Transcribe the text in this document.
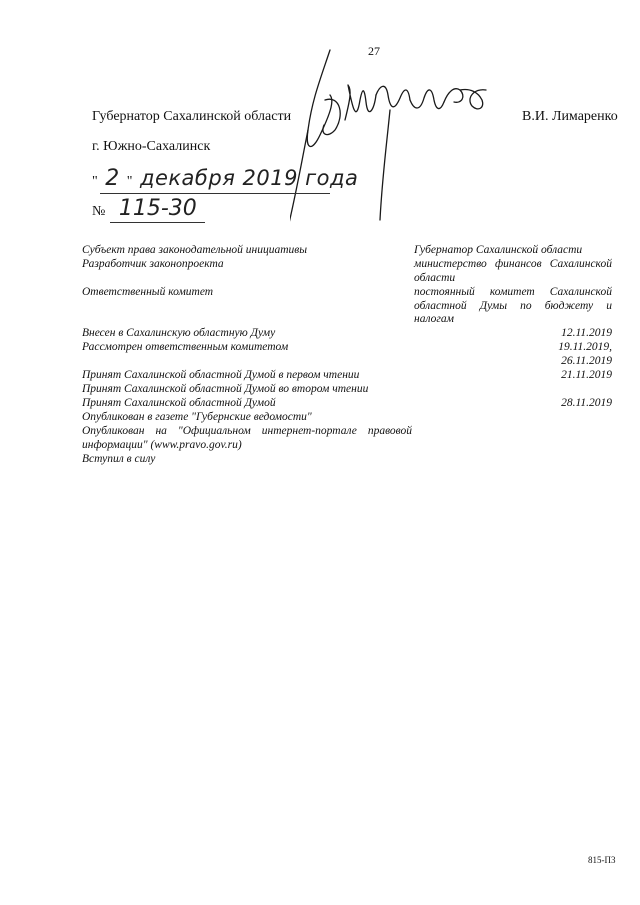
27
Губернатор Сахалинской области	В.И. Лимаренко
г. Южно-Сахалинск
" 2 " декабря 2019 года
№ 115-30
Субъект права законодательной инициативы	Губернатор Сахалинской области
Разработчик законопроекта	министерство финансов Сахалинской области
Ответственный комитет	постоянный комитет Сахалинской областной Думы по бюджету и налогам
Внесен в Сахалинскую областную Думу	12.11.2019
Рассмотрен ответственным комитетом	19.11.2019,
26.11.2019
Принят Сахалинской областной Думой в первом чтении	21.11.2019
Принят Сахалинской областной Думой во втором чтении
Принят Сахалинской областной Думой	28.11.2019
Опубликован в газете "Губернские ведомости"
Опубликован на "Официальном интернет-портале правовой информации" (www.pravo.gov.ru)
Вступил в силу
815-П3
